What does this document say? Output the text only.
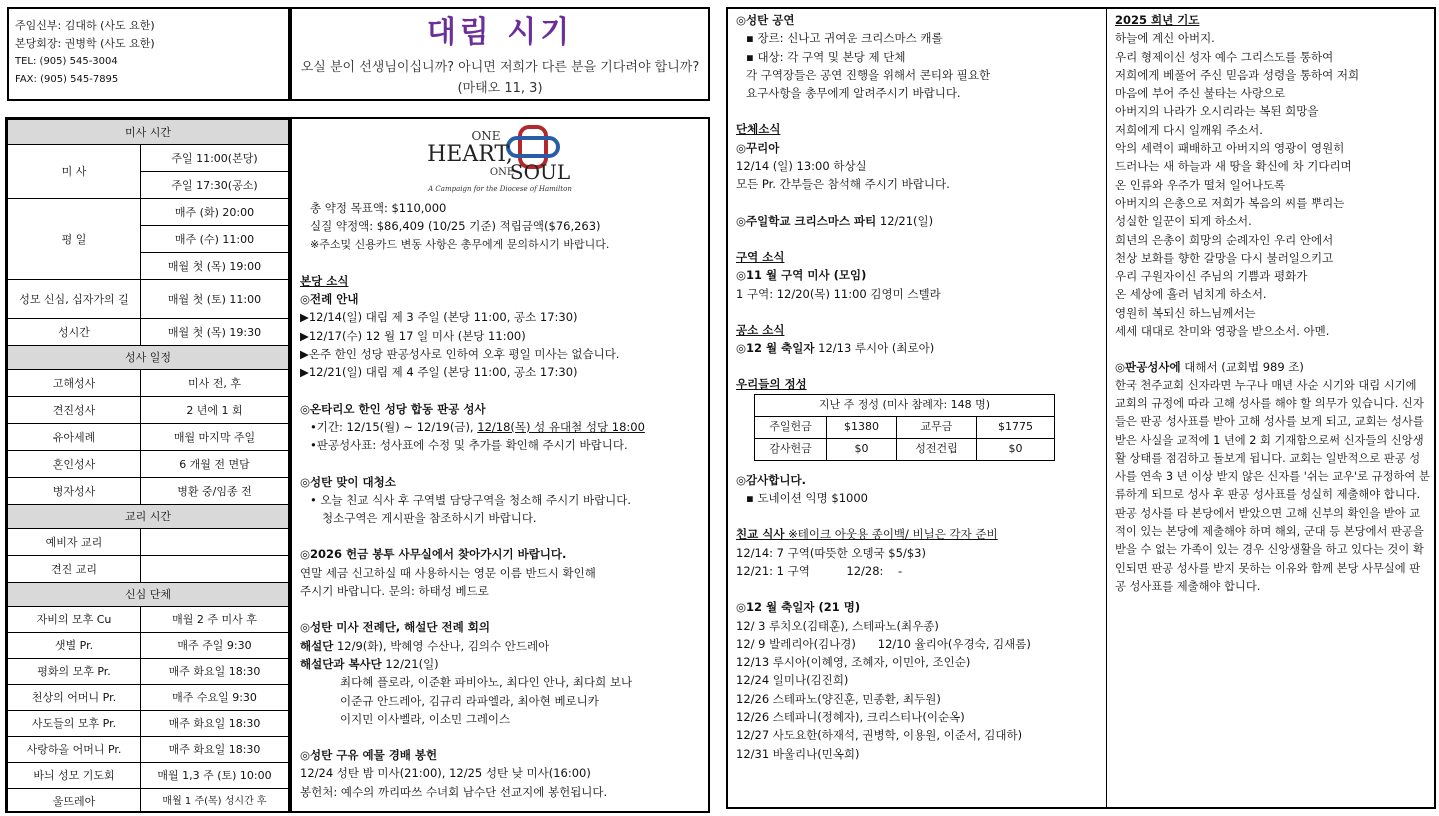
주임신부: 김대하 (사도 요한)
본당회장: 권병학 (사도 요한)
TEL: (905) 545-3004
FAX: (905) 545-7895
대림 시기
오실 분이 선생님이십니까? 아니면 저희가 다른 분을 기다려야 합니까? (마태오 11, 3)
미사 시간	
미 사	주일 11:00(본당)
	주일 17:30(공소)
평 일	매주 (화) 20:00
	매주 (수) 11:00
	매월 첫 (목) 19:00
성모 신심, 십자가의 길	매월 첫 (토) 11:00
성시간	매월 첫 (목) 19:30
성사 일정	
고해성사	미사 전, 후
견진성사	2 년에 1 회
유아세례	매월 마지막 주일
혼인성사	6 개월 전 면담
병자성사	병환 중/임종 전
교리 시간	
예비자 교리	
견진 교리	
신심 단체	
자비의 모후 Cu	매월 2 주 미사 후
샛별 Pr.	매주 주일 9:30
평화의 모후 Pr.	매주 화요일 18:30
천상의 어머니 Pr.	매주 수요일 9:30
사도들의 모후 Pr.	매주 화요일 18:30
사랑하올 어머니 Pr.	매주 화요일 18:30
바늬 성모 기도회	매월 1,3 주 (토) 10:00
울뜨레아	매월 1 주(목) 성시간 후
ONE
HEART,
ONE
SOUL
A Campaign for the Diocese of Hamilton
총 약정 목표액: $110,000
실질 약정액: $86,409 (10/25 기준) 적립금액($76,263)
※주소및 신용카드 변동 사항은 총무에게 문의하시기 바랍니다.
본당 소식
◎전례 안내
▶12/14(일) 대림 제 3 주일 (본당 11:00, 공소 17:30)
▶12/17(수) 12 월 17 일 미사 (본당 11:00)
▶온주 한인 성당 판공성사로 인하여 오후 평일 미사는 없습니다.
▶12/21(일) 대림 제 4 주일 (본당 11:00, 공소 17:30)
◎온타리오 한인 성당 합동 판공 성사
•기간: 12/15(월) ~ 12/19(금), 12/18(목) 성 유대철 성당 18:00
•판공성사표: 성사표에 수정 및 추가를 확인해 주시기 바랍니다.
◎성탄 맞이 대청소
• 오늘 친교 식사 후 구역별 담당구역을 청소해 주시기 바랍니다.
청소구역은 게시판을 참조하시기 바랍니다.
◎2026 헌금 봉투 사무실에서 찾아가시기 바랍니다.
연말 세금 신고하실 때 사용하시는 영문 이름 반드시 확인해
주시기 바랍니다. 문의: 하태성 베드로
◎성탄 미사 전례단, 해설단 전례 회의
해설단 12/9(화), 박혜영 수산나, 김의수 안드레아
해설단과 복사단 12/21(일)
최다혜 플로라, 이준환 파비아노, 최다인 안나, 최다희 보나
이준규 안드레아, 김규리 라파엘라, 최아현 베로니카
이지민 이사벨라, 이소민 그레이스
◎성탄 구유 예물 경배 봉헌
12/24 성탄 밤 미사(21:00), 12/25 성탄 낮 미사(16:00)
봉헌처: 예수의 까리따쓰 수녀회 남수단 선교지에 봉헌됩니다.
◎성탄 공연
▪ 장르: 신나고 귀여운 크리스마스 캐롤
▪ 대상: 각 구역 및 본당 제 단체
각 구역장들은 공연 진행을 위해서 콘티와 필요한
요구사항을 총무에게 알려주시기 바랍니다.
단체소식
◎꾸리아
12/14 (일) 13:00 하상실
모든 Pr. 간부들은 참석해 주시기 바랍니다.
◎주일학교 크리스마스 파티 12/21(일)
구역 소식
◎11 월 구역 미사 (모임)
1 구역: 12/20(목) 11:00 김영미 스텔라
공소 소식
◎12 월 축일자 12/13 루시아 (최로아)
우리들의 정성
지난 주 정성 (미사 참례자: 148 명)			
주일헌금	$1380	교무금	$1775
감사헌금	$0	성전건립	$0
◎감사합니다.
▪ 도네이션 익명 $1000
친교 식사 ※테이크 아웃용 종이백/ 비닐은 각자 준비
12/14: 7 구역(따뜻한 오뎅국 $5/$3)
12/21: 1 구역          12/28:    -
◎12 월 축일자 (21 명)
12/ 3 루치오(김태훈), 스테파노(최우종)
12/ 9 발레리아(김나경)      12/10 율리아(우경숙, 김새롬)
12/13 루시아(이혜영, 조혜자, 이민아, 조인순)
12/24 일미나(김진희)
12/26 스테파노(양진훈, 민종환, 최두원)
12/26 스테파니(정혜자), 크리스티나(이순옥)
12/27 사도요한(하재석, 권병학, 이용원, 이준서, 김대하)
12/31 바울리나(민옥희)
2025 희년 기도
하늘에 계신 아버지.
우리 형제이신 성자 예수 그리스도를 통하여
저희에게 베풀어 주신 믿음과 성령을 통하여 저희
마음에 부어 주신 불타는 사랑으로
아버지의 나라가 오시리라는 복된 희망을
저희에게 다시 일깨워 주소서.
악의 세력이 패배하고 아버지의 영광이 영원히
드러나는 새 하늘과 새 땅을 확신에 차 기다리며
온 인류와 우주가 떨쳐 일어나도록
아버지의 은총으로 저희가 복음의 씨를 뿌리는
성실한 일꾼이 되게 하소서.
희년의 은총이 희망의 순례자인 우리 안에서
천상 보화를 향한 갈망을 다시 불러일으키고
우리 구원자이신 주님의 기쁨과 평화가
온 세상에 흘러 넘치게 하소서.
영원히 복되신 하느님께서는
세세 대대로 찬미와 영광을 받으소서. 아멘.
◎판공성사에 대해서 (교회법 989 조)
한국 천주교회 신자라면 누구나 매년 사순 시기와 대림 시기에 교회의 규정에 따라 고해 성사를 해야 할 의무가 있습니다. 신자들은 판공 성사표를 받아 고해 성사를 보게 되고, 교회는 성사를 받은 사실을 교적에 1 년에 2 회 기재함으로써 신자들의 신앙생활 상태를 점검하고 돌보게 됩니다. 교회는 일반적으로 판공 성사를 연속 3 년 이상 받지 않은 신자를 '쉬는 교우'로 규정하여 분류하게 되므로 성사 후 판공 성사표를 성실히 제출해야 합니다. 판공 성사를 타 본당에서 받았으면 고해 신부의 확인을 받아 교적이 있는 본당에 제출해야 하며 해외, 군대 등 본당에서 판공을 받을 수 없는 가족이 있는 경우 신앙생활을 하고 있다는 것이 확인되면 판공 성사를 받지 못하는 이유와 함께 본당 사무실에 판공 성사표를 제출해야 합니다.
